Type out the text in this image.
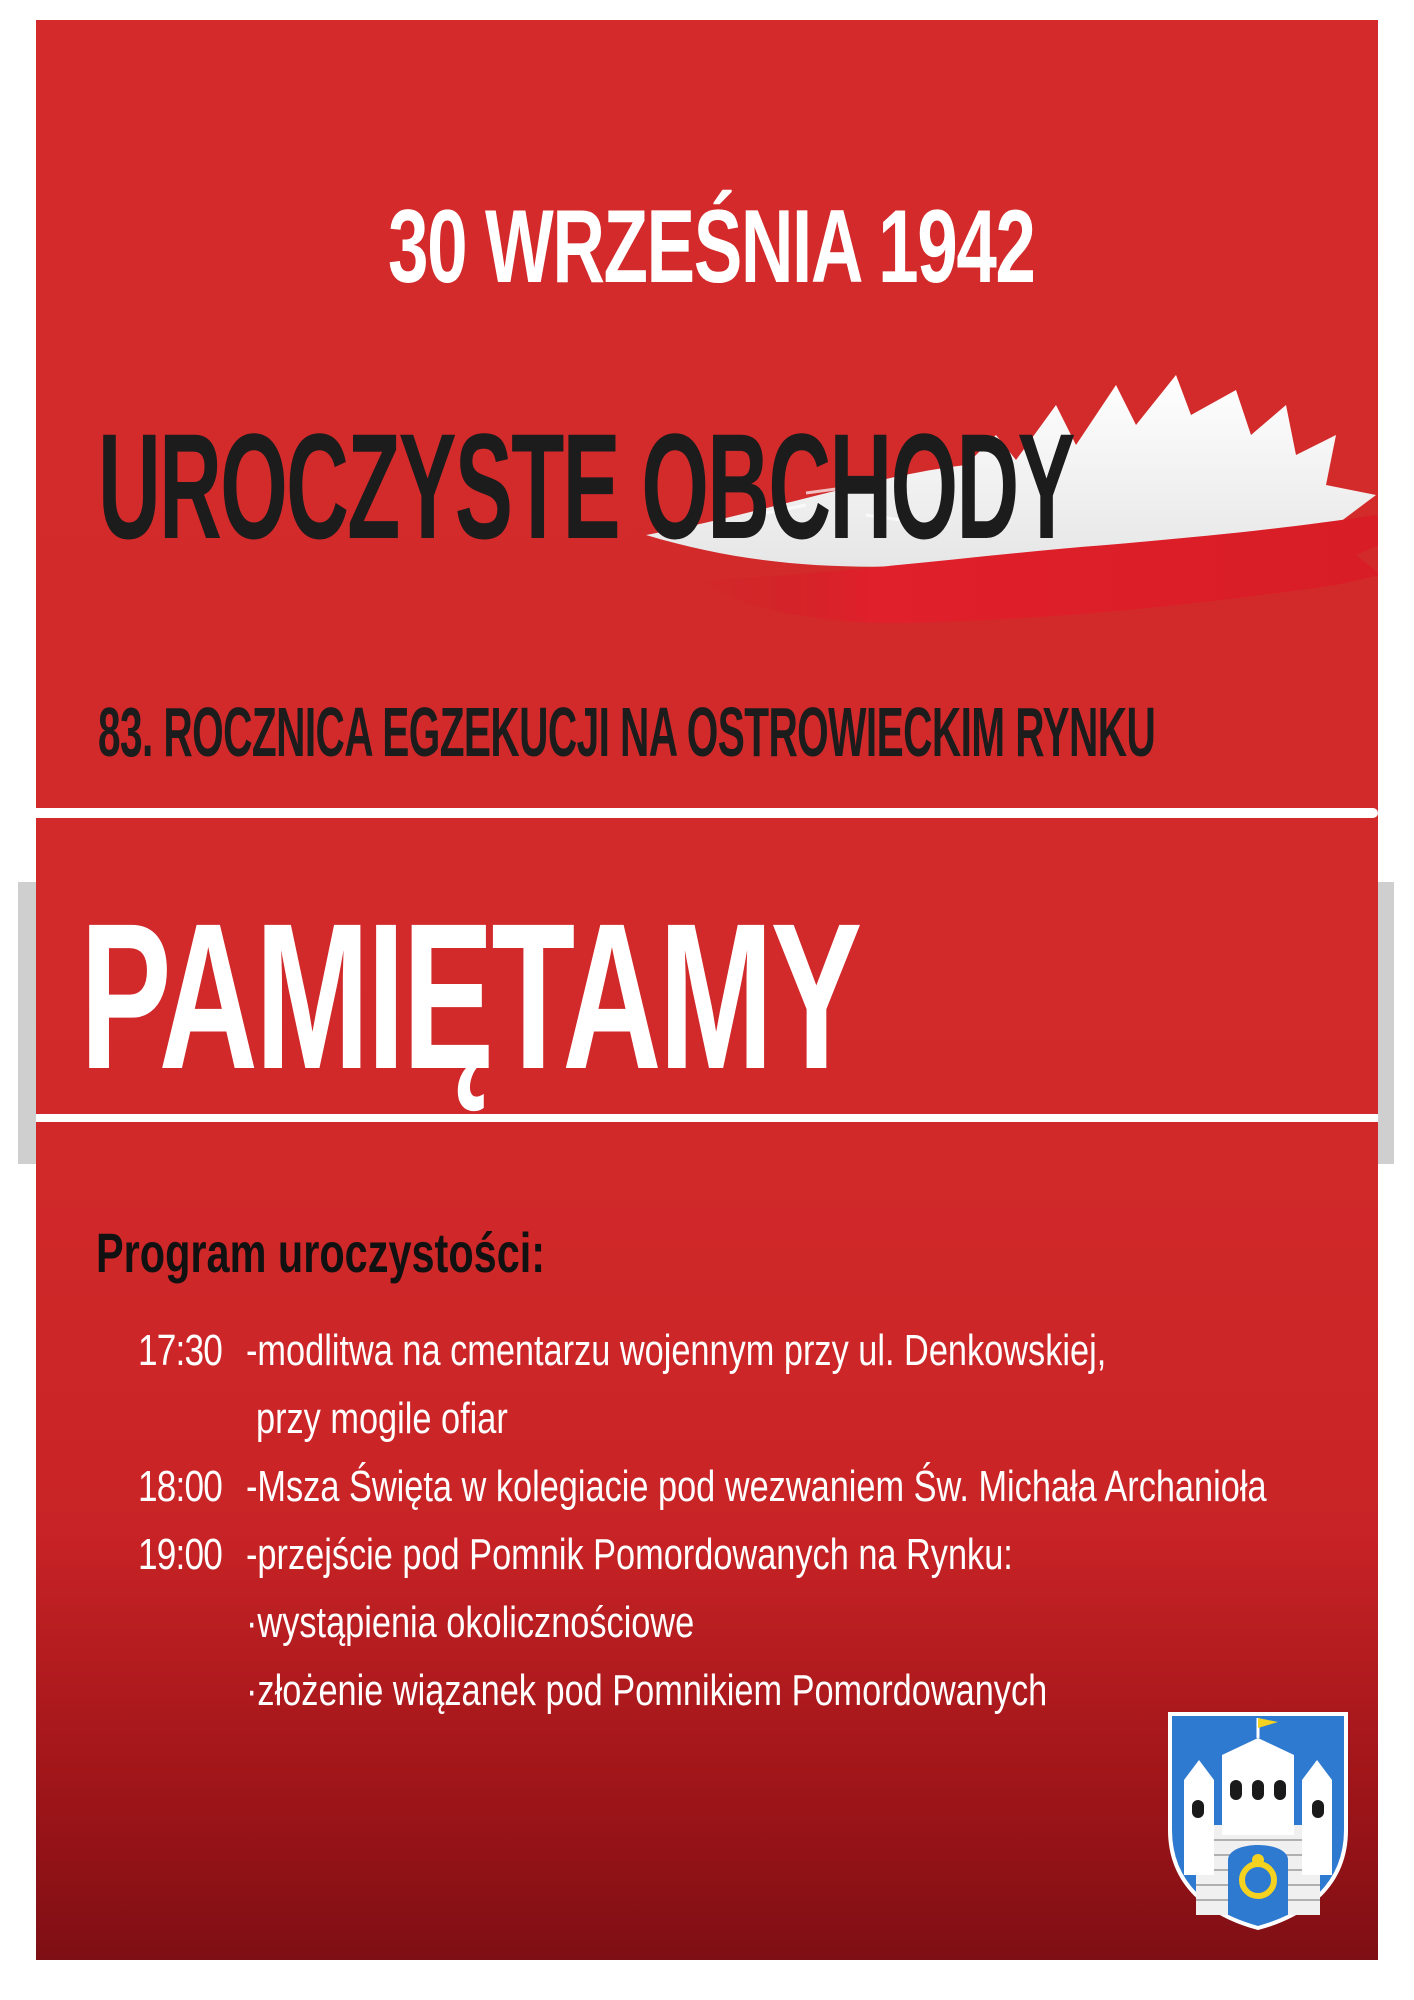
30 WRZEŚNIA 1942
UROCZYSTE OBCHODY
83. ROCZNICA EGZEKUCJI NA OSTROWIECKIM RYNKU
PAMIĘTAMY
Program uroczystości:
17:30 -modlitwa na cmentarzu wojennym przy ul. Denkowskiej,
przy mogile ofiar
18:00 -Msza Święta w kolegiacie pod wezwaniem Św. Michała Archanioła
19:00 -przejście pod Pomnik Pomordowanych na Rynku:
·wystąpienia okolicznościowe
·złożenie wiązanek pod Pomnikiem Pomordowanych
